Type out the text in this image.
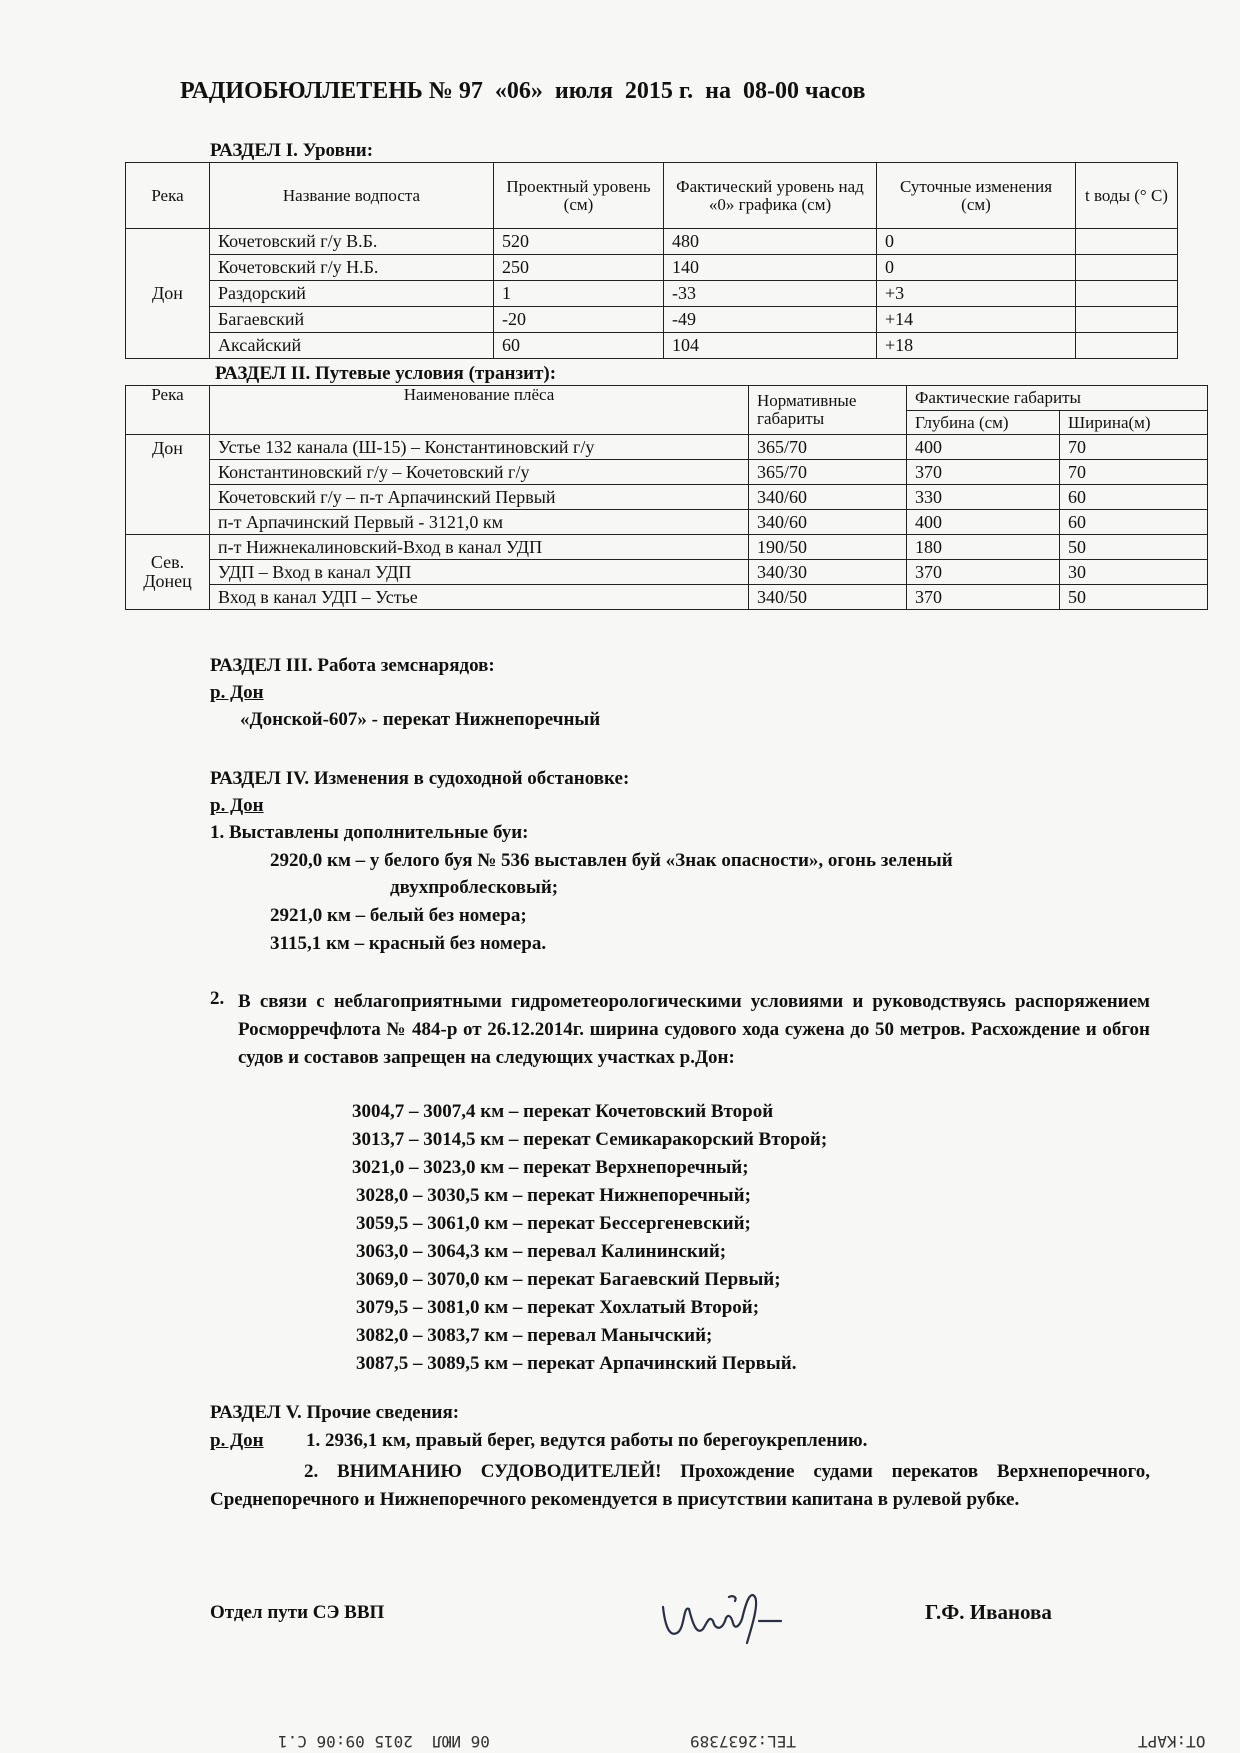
РАДИОБЮЛЛЕТЕНЬ № 97  «06»  июля  2015 г.  на  08-00 часов
РАЗДЕЛ I. Уровни:
Река	Название водпоста	Проектный уровень (см)	Фактический уровень над «0» графика (см)	Суточные изменения (см)	t воды (° С)
Дон	Кочетовский г/у В.Б.	520	480	0	
	Кочетовский г/у Н.Б.	250	140	0	
	Раздорский	1	-33	+3	
	Багаевский	-20	-49	+14	
	Аксайский	60	104	+18	
РАЗДЕЛ II. Путевые условия (транзит):
Река	Наименование плёса	Нормативные габариты	Фактические габариты	
			Глубина (см)	Ширина(м)
Дон	Устье 132 канала (Ш-15) – Константиновский г/у	365/70	400	70
	Константиновский г/у – Кочетовский г/у	365/70	370	70
	Кочетовский г/у – п-т Арпачинский Первый	340/60	330	60
	п-т Арпачинский Первый - 3121,0 км	340/60	400	60
Сев. Донец	п-т Нижнекалиновский-Вход в канал УДП	190/50	180	50
	УДП – Вход в канал УДП	340/30	370	30
	Вход в канал УДП – Устье	340/50	370	50
РАЗДЕЛ III. Работа земснарядов:
р. Дон
«Донской-607» - перекат Нижнепоречный
РАЗДЕЛ IV. Изменения в судоходной обстановке:
р. Дон
1. Выставлены дополнительные буи:
2920,0 км – у белого буя № 536 выставлен буй «Знак опасности», огонь зеленый
двухпроблесковый;
2921,0 км – белый без номера;
3115,1 км – красный без номера.
2. В связи с неблагоприятными гидрометеорологическими условиями и руководствуясь распоряжением Росморречфлота № 484-р от 26.12.2014г. ширина судового хода сужена до 50 метров. Расхождение и обгон судов и составов запрещен на следующих участках р.Дон:
3004,7 – 3007,4 км – перекат Кочетовский Второй
3013,7 – 3014,5 км – перекат Семикаракорский Второй;
3021,0 – 3023,0 км – перекат Верхнепоречный;
3028,0 – 3030,5 км – перекат Нижнепоречный;
3059,5 – 3061,0 км – перекат Бессергеневский;
3063,0 – 3064,3 км – перевал Калининский;
3069,0 – 3070,0 км – перекат Багаевский Первый;
3079,5 – 3081,0 км – перекат Хохлатый Второй;
3082,0 – 3083,7 км – перевал Манычский;
3087,5 – 3089,5 км – перекат Арпачинский Первый.
РАЗДЕЛ V. Прочие сведения:
р. Дон 1. 2936,1 км, правый берег, ведутся работы по берегоукреплению.
2. ВНИМАНИЮ СУДОВОДИТЕЛЕЙ! Прохождение судами перекатов Верхнепоречного, Среднепоречного и Нижнепоречного рекомендуется в присутствии капитана в рулевой рубке.
Отдел пути СЭ ВВП	Г.Ф. Иванова
OT:KAPT
TEL:2637389
06 ИЮЛ  2015 09:06 С.1
